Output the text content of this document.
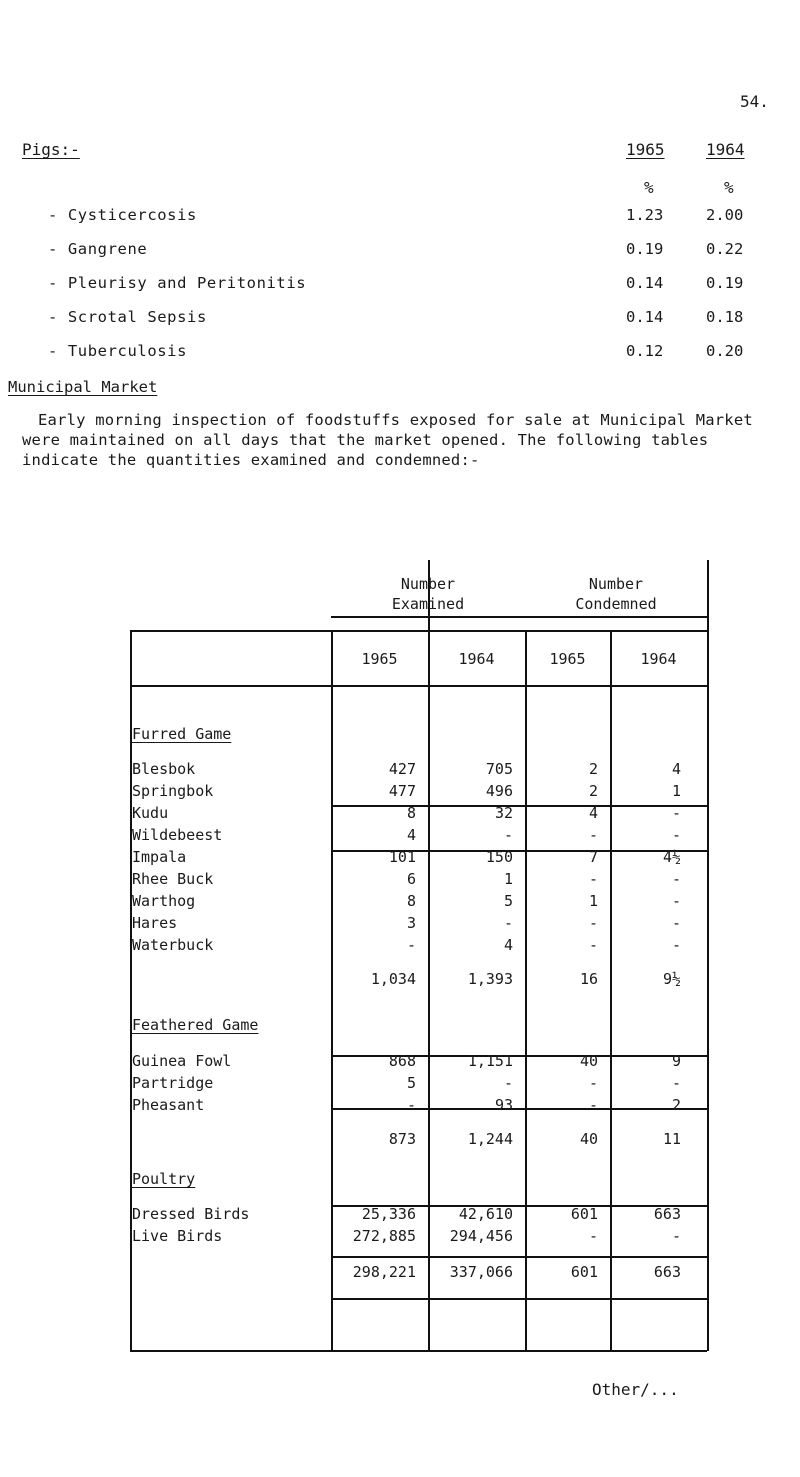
54.
Pigs:-	1965	1964
%	%
- Cysticercosis	1.23	2.00
- Gangrene	0.19	0.22
- Pleurisy and Peritonitis	0.14	0.19
- Scrotal Sepsis	0.14	0.18
- Tuberculosis	0.12	0.20
Municipal Market
Early morning inspection of foodstuffs exposed for sale at Municipal Market were maintained on all days that the market opened. The following tables indicate the quantities examined and condemned:-
Number
Examined
Number
Condemned
1965	1964	1965	1964
Furred Game
Blesbok	427	705	2	4
Springbok	477	496	2	1
Kudu	8	32	4	-
Wildebeest	4	-	-	-
Impala	101	150	7	4½
Rhee Buck	6	1	-	-
Warthog	8	5	1	-
Hares	3	-	-	-
Waterbuck	-	4	-	-
1,034	1,393	16	9½
Feathered Game
Guinea Fowl	868	1,151	40	9
Partridge	5	-	-	-
Pheasant	-	93	-	2
873	1,244	40	11
Poultry
Dressed Birds	25,336	42,610	601	663
Live Birds	272,885	294,456	-	-
298,221	337,066	601	663
Other/...
